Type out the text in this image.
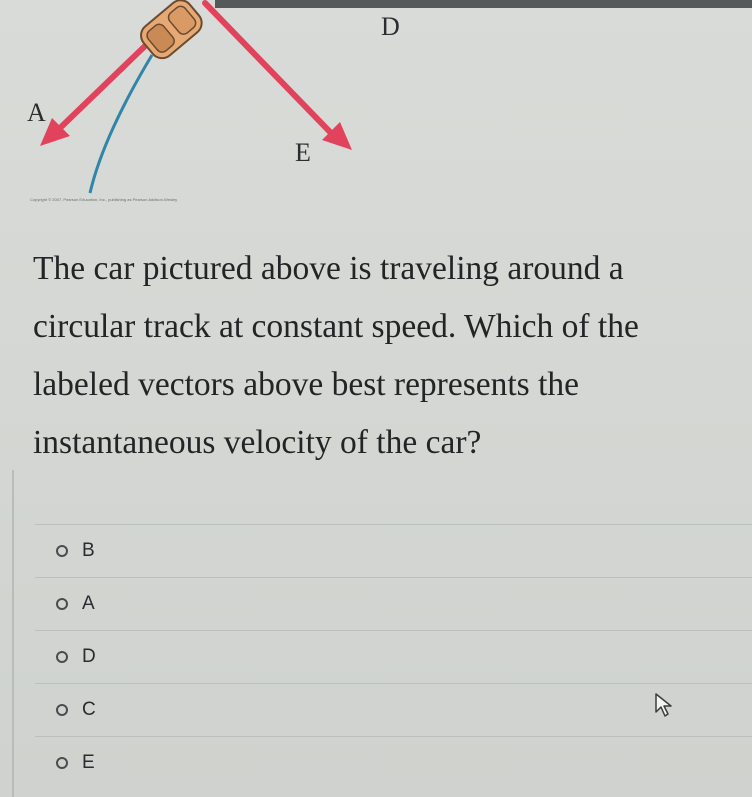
D
A
E
Copyright © 2007, Pearson Education, Inc., publishing as Pearson Addison-Wesley
The car pictured above is traveling around a circular track at constant speed. Which of the labeled vectors above best represents the instantaneous velocity of the car?
B
A
D
C
E
